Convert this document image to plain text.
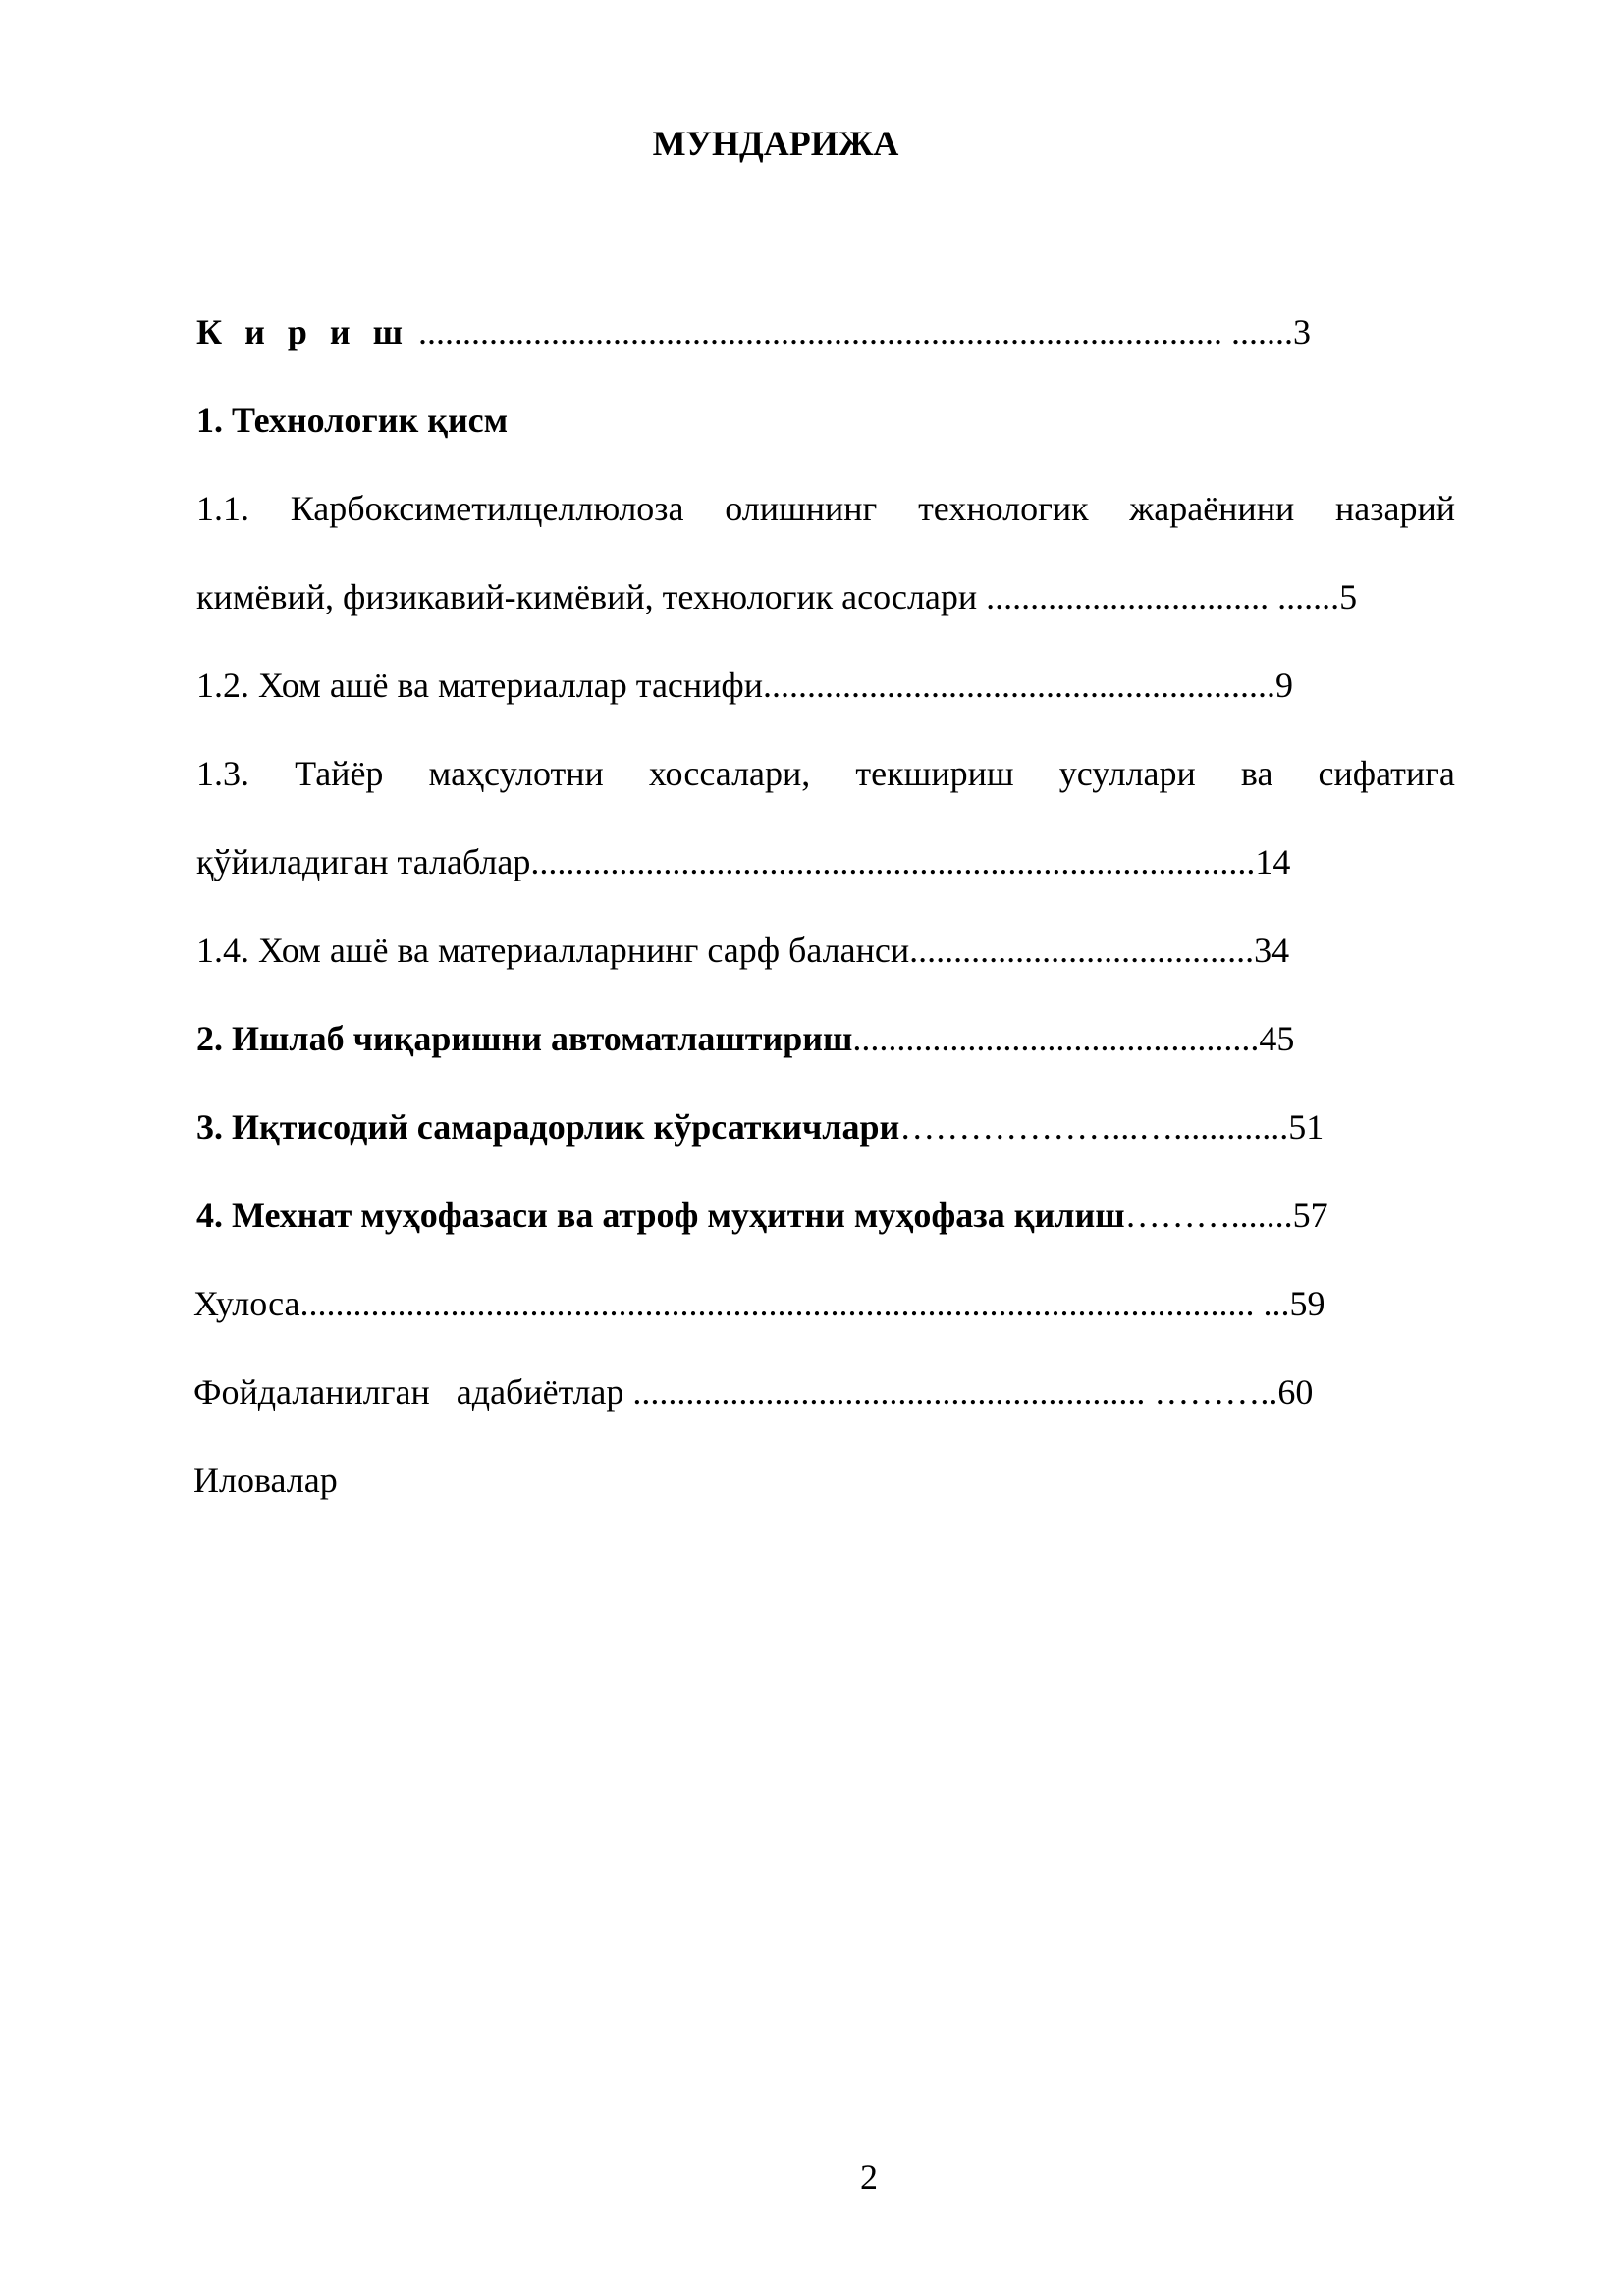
МУНДАРИЖА
К и р и ш ........................................................................................... .......3
1. Технологик қисм
1.1. Карбоксиметилцеллюлоза олишнинг технологик жараёнини назарий
кимёвий, физикавий-кимёвий, технологик асослари ................................ .......5
1.2. Хом ашё ва материаллар таснифи..........................................................9
1.3. Тайёр маҳсулотни хоссалари, текшириш усуллари ва сифатига
қўйиладиган талаблар..................................................................................14
1.4. Хом ашё ва материалларнинг сарф баланси.......................................34
2. Ишлаб чиқаришни автоматлаштириш..............................................45
3. Иқтисодий самарадорлик кўрсаткичлари………………...….............51
4. Мехнат муҳофазаси ва атроф муҳитни муҳофаза қилиш……….......57
Хулоса............................................................................................................ ...59
Фойдаланилган   адабиётлар .......................................................... ………..60
Иловалар
2
